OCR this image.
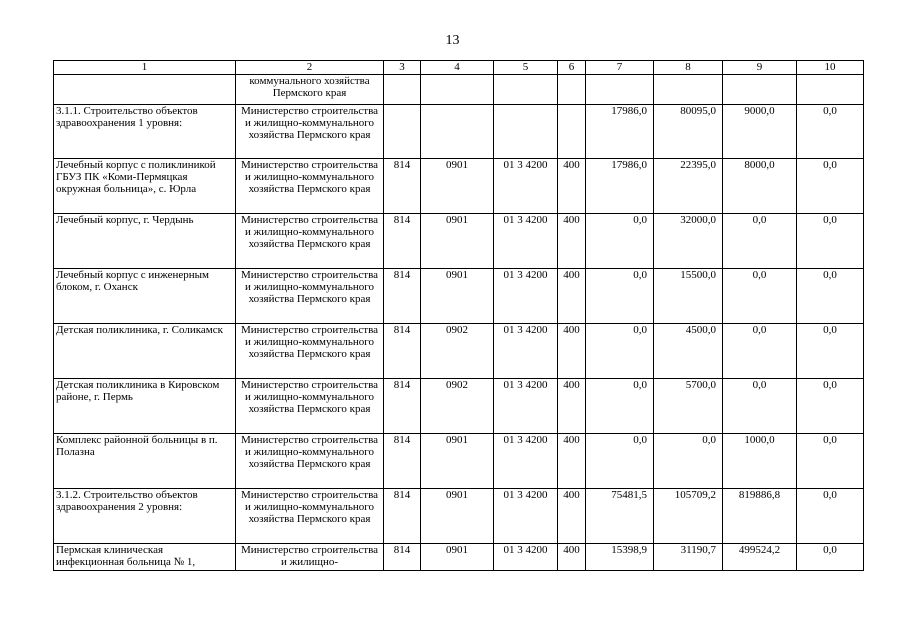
13
1	2	3	4	5	6	7	8	9	10
	коммунального хозяйства Пермского края								
3.1.1. Строительство объектов здравоохранения 1 уровня:	Министерство строительства и жилищно-коммунального хозяйства Пермского края					17986,0	80095,0	9000,0	0,0
Лечебный корпус с поликлиникой ГБУЗ ПК «Коми-Пермяцкая окружная больница», с. Юрла	Министерство строительства и жилищно-коммунального хозяйства Пермского края	814	0901	01 3 4200	400	17986,0	22395,0	8000,0	0,0
Лечебный корпус, г. Чердынь	Министерство строительства и жилищно-коммунального хозяйства Пермского края	814	0901	01 3 4200	400	0,0	32000,0	0,0	0,0
Лечебный корпус с инженерным блоком, г. Оханск	Министерство строительства и жилищно-коммунального хозяйства Пермского края	814	0901	01 3 4200	400	0,0	15500,0	0,0	0,0
Детская поликлиника, г. Соликамск	Министерство строительства и жилищно-коммунального хозяйства Пермского края	814	0902	01 3 4200	400	0,0	4500,0	0,0	0,0
Детская поликлиника в Кировском районе, г. Пермь	Министерство строительства и жилищно-коммунального хозяйства Пермского края	814	0902	01 3 4200	400	0,0	5700,0	0,0	0,0
Комплекс районной больницы в п. Полазна	Министерство строительства и жилищно-коммунального хозяйства Пермского края	814	0901	01 3 4200	400	0,0	0,0	1000,0	0,0
3.1.2. Строительство объектов здравоохранения 2 уровня:	Министерство строительства и жилищно-коммунального хозяйства Пермского края	814	0901	01 3 4200	400	75481,5	105709,2	819886,8	0,0
Пермская клиническая инфекционная больница № 1,	Министерство строительства и жилищно-	814	0901	01 3 4200	400	15398,9	31190,7	499524,2	0,0
